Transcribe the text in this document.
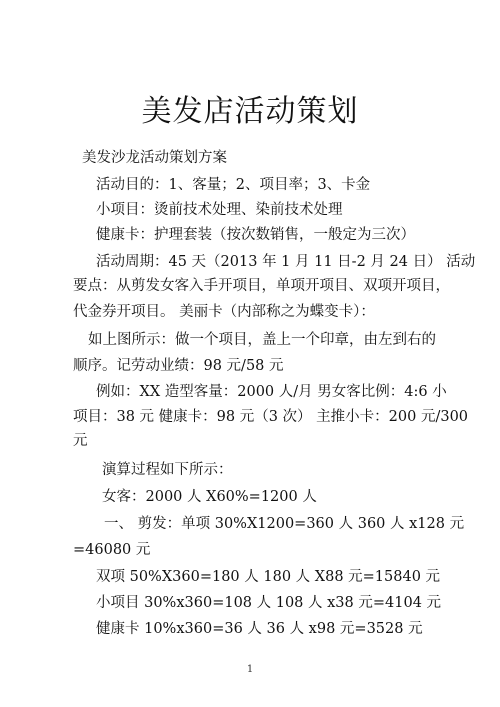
美发店活动策划
美发沙龙活动策划方案
活动目的：1、客量；2、项目率；3、卡金
小项目：烫前技术处理、染前技术处理
健康卡：护理套装（按次数销售，一般定为三次）
活动周期：45 天（2013 年 1 月 11 日-2 月 24 日） 活动
要点：从剪发女客入手开项目，单项开项目、双项开项目，
代金券开项目。 美丽卡（内部称之为蝶变卡）：
如上图所示：做一个项目，盖上一个印章，由左到右的
顺序。记劳动业绩：98 元/58 元
例如：XX 造型客量：2000 人/月 男女客比例：4:6 小
项目：38 元 健康卡：98 元（3 次） 主推小卡：200 元/300
元
演算过程如下所示：
女客：2000 人 X60%=1200 人
一、 剪发：单项 30%X1200=360 人 360 人 x128 元
=46080 元
双项 50%X360=180 人 180 人 X88 元=15840 元
小项目 30%x360=108 人 108 人 x38 元=4104 元
健康卡 10%x360=36 人 36 人 x98 元=3528 元
1
